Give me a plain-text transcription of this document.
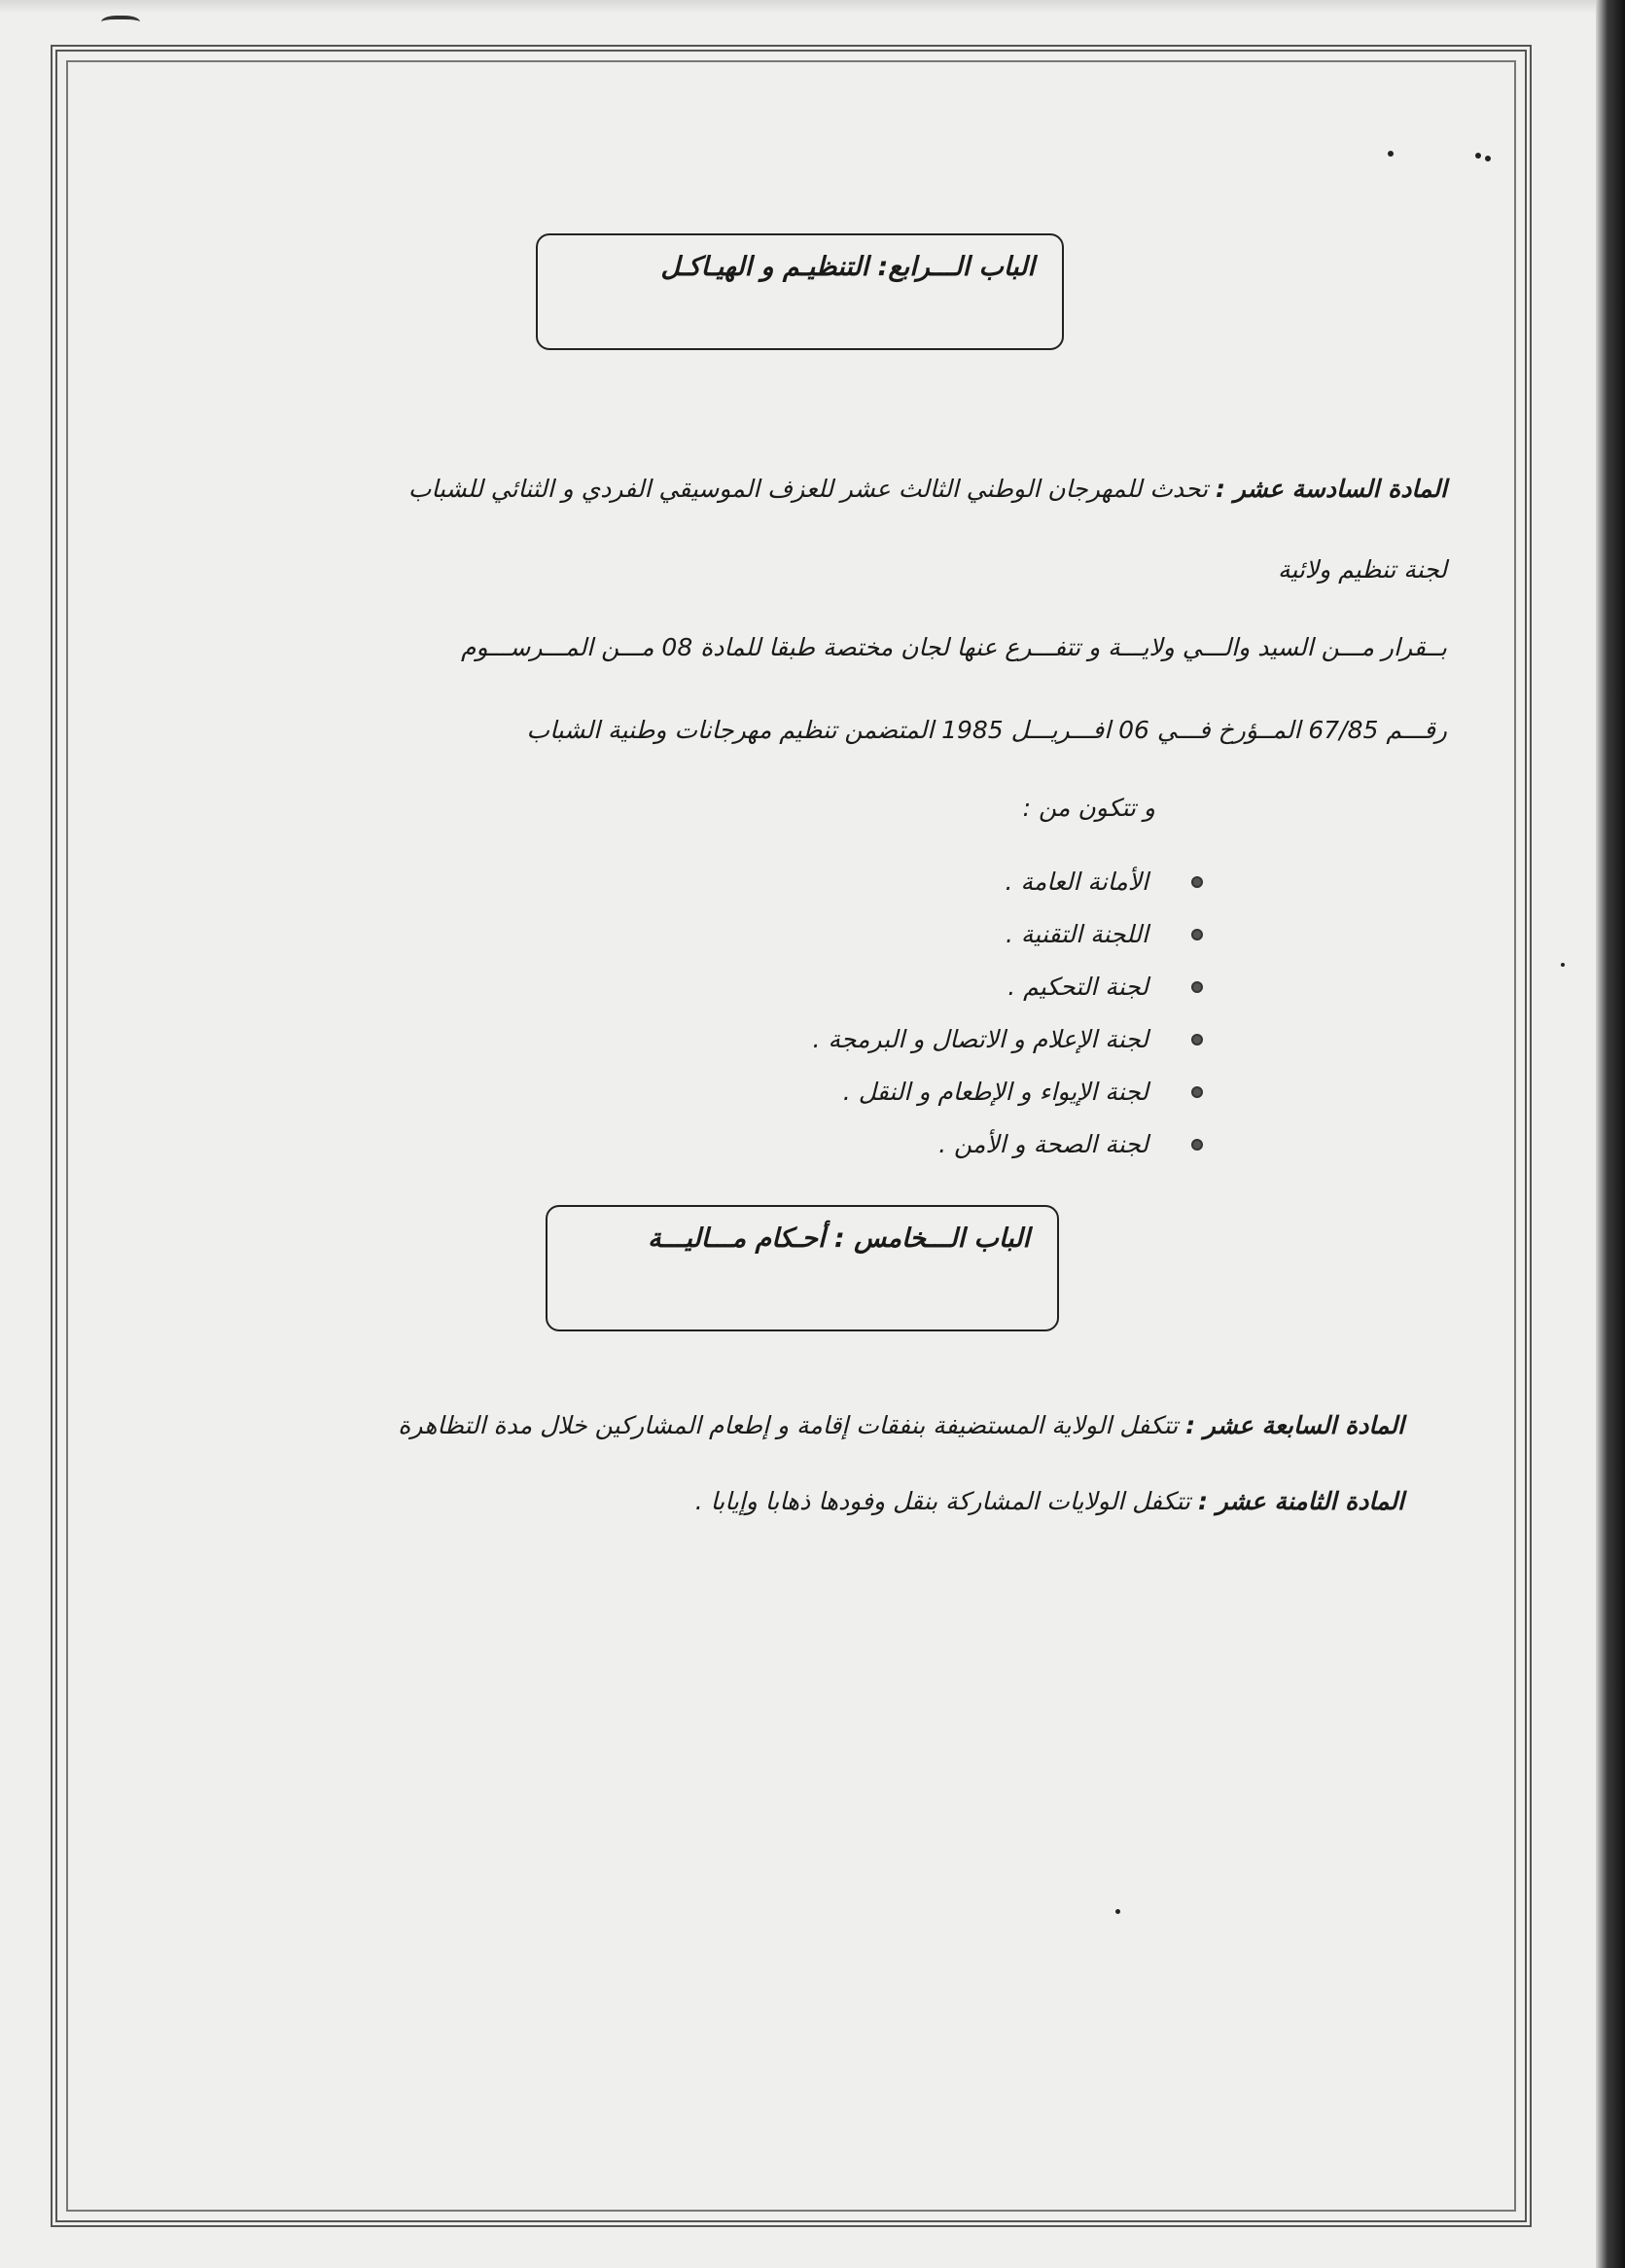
الباب الـــرابع: التنظيـم و الهيـاكـل
المادة السادسة عشر : تحدث للمهرجان الوطني الثالث عشر للعزف الموسيقي الفردي و الثنائي للشباب
لجنة تنظيم ولائية
بــقرار مـــن السيد والـــي ولايـــة و تتفـــرع عنها لجان مختصة طبقا للمادة 08 مـــن المـــرســـوم
رقـــم 67/85 المــؤرخ فـــي 06 افـــريـــل 1985 المتضمن تنظيم مهرجانات وطنية الشباب
و تتكون من :
الأمانة العامة .
اللجنة التقنية .
لجنة التحكيم .
لجنة الإعلام و الاتصال و البرمجة .
لجنة الإيواء و الإطعام و النقل .
لجنة الصحة و الأمن .
الباب الـــخامس : أحـكام مـــاليـــة
المادة السابعة عشر : تتكفل الولاية المستضيفة بنفقات إقامة و إطعام المشاركين خلال مدة التظاهرة
المادة الثامنة عشر : تتكفل الولايات المشاركة بنقل وفودها ذهابا وإيابا .
